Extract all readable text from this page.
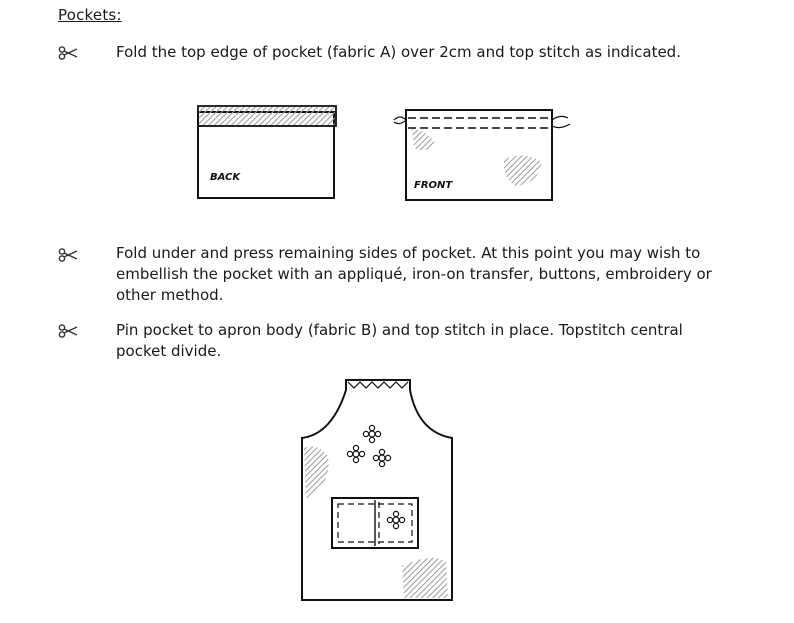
Pockets:
Fold the top edge of pocket (fabric A) over 2cm and top stitch as indicated.
BACK
FRONT
Fold under and press remaining sides of pocket. At this point you may wish to embellish the pocket with an appliqué, iron-on transfer, buttons, embroidery or other method.
Pin pocket to apron body (fabric B) and top stitch in place. Topstitch central pocket divide.
